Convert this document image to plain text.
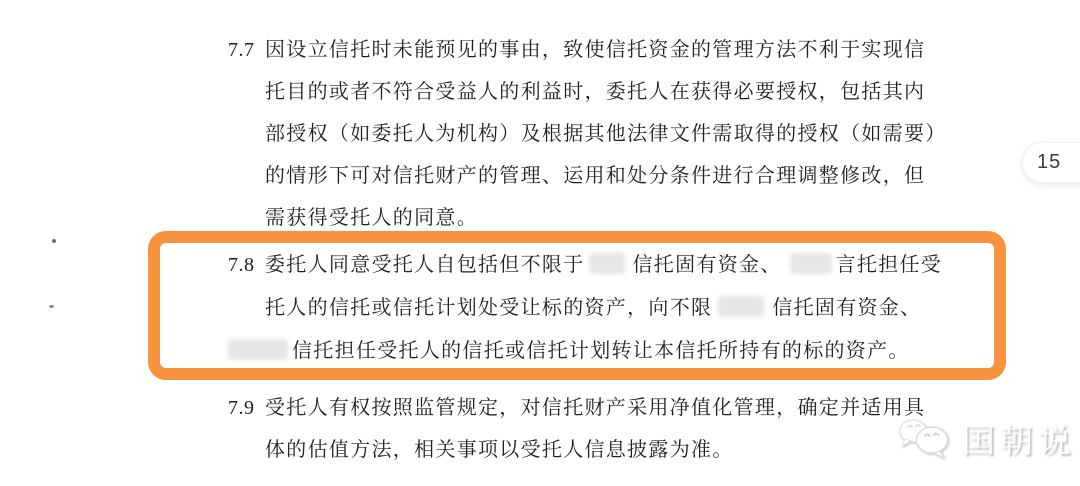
7.7 因设立信托时未能预见的事由，致使信托资金的管理方法不利于实现信
托目的或者不符合受益人的利益时，委托人在获得必要授权，包括其内
部授权（如委托人为机构）及根据其他法律文件需取得的授权（如需要）
的情形下可对信托财产的管理、运用和处分条件进行合理调整修改，但
需获得受托人的同意。
7.8 委托人同意受托人自包括但不限于 信托固有资金、	言托担任受
托人的信托或信托计划处受让标的资产，向不限	信托固有资金、
信托担任受托人的信托或信托计划转让本信托所持有的标的资产。
7.9 受托人有权按照监管规定，对信托财产采用净值化管理，确定并适用具
体的估值方法，相关事项以受托人信息披露为准。
15
国朝说
